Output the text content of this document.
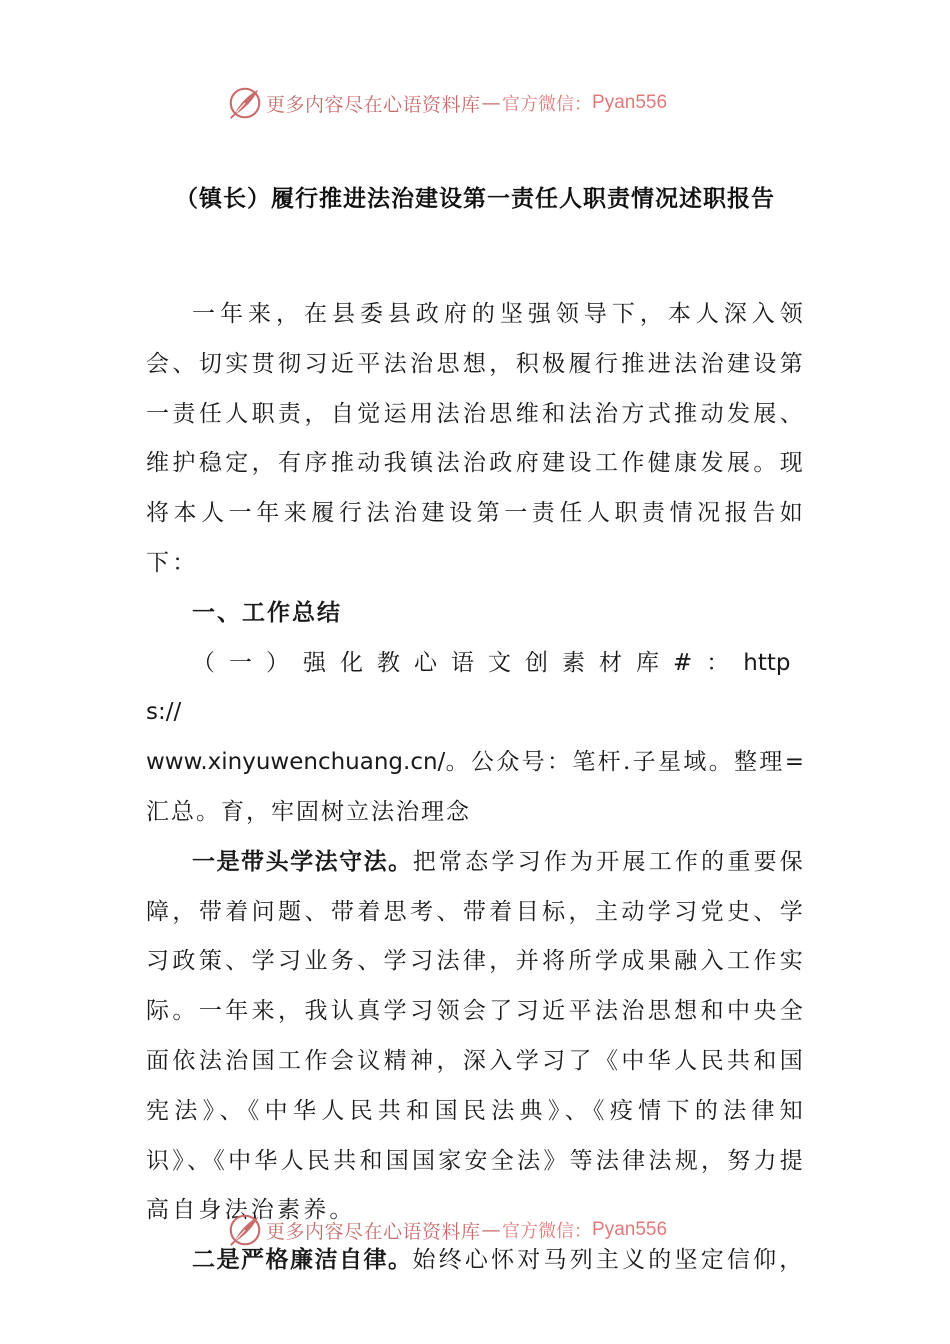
更多内容尽在心语资料库 — 官方微信： Pyan556
（镇长）履行推进法治建设第一责任人职责情况述职报告

一年来，在县委县政府的坚强领导下，本人深入领会、切实贯彻习近平法治思想，积极履行推进法治建设第一责任人职责，自觉运用法治思维和法治方式推动发展、维护稳定，有序推动我镇法治政府建设工作健康发展。现将本人一年来履行法治建设第一责任人职责情况报告如下：

一、工作总结

（一）强化教心语文创素材库#：https://

www.xinyuwenchuang.cn/。公众号：笔杆.子星域。整理=汇总。育，牢固树立法治理念

一是带头学法守法。把常态学习作为开展工作的重要保障，带着问题、带着思考、带着目标，主动学习党史、学习政策、学习业务、学习法律，并将所学成果融入工作实际。一年来，我认真学习领会了习近平法治思想和中央全面依法治国工作会议精神，深入学习了《中华人民共和国宪法》、《中华人民共和国民法典》、《疫情下的法律知识》、《中华人民共和国国家安全法》等法律法规，努力提高自身法治素养。

二是严格廉洁自律。始终心怀对马列主义的坚定信仰，

更多内容尽在心语资料库 — 官方微信： Pyan556
